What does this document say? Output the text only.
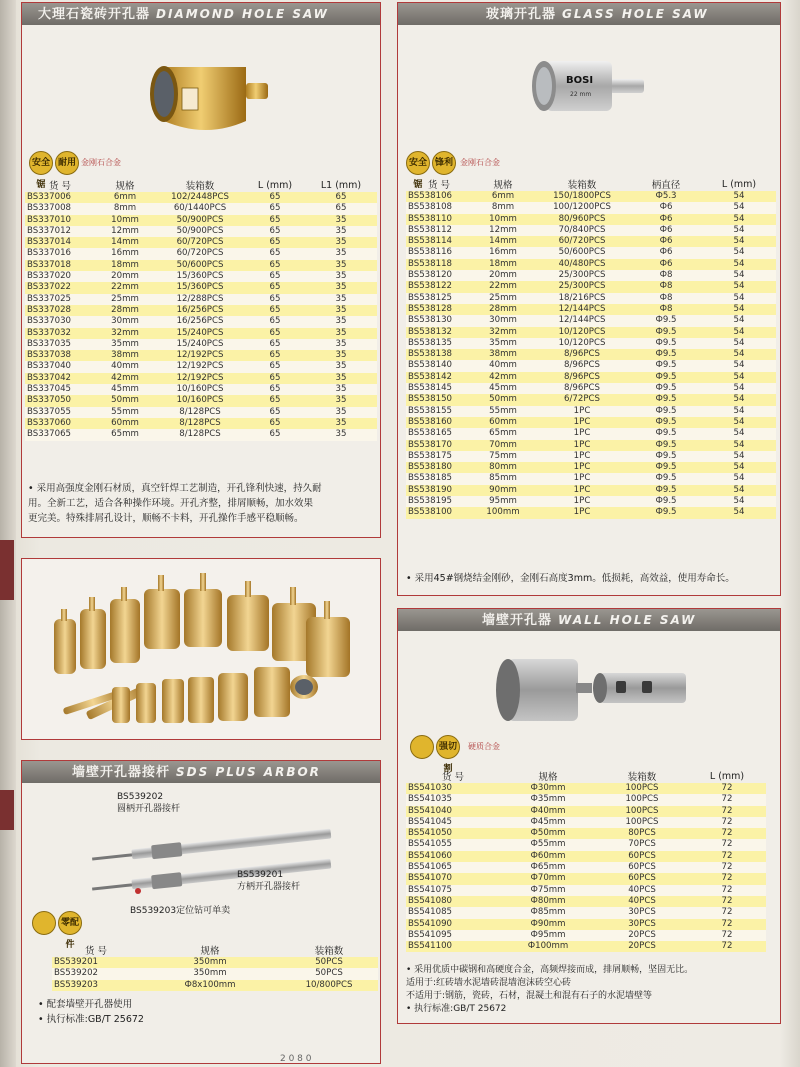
大理石瓷砖开孔器 DIAMOND HOLE SAW
安全锯
耐用 金刚石合金
货 号	规格	装箱数	L (mm)	L1 (mm)
BS337006	6mm	102/2448PCS	65	65
BS337008	8mm	60/1440PCS	65	65
BS337010	10mm	50/900PCS	65	35
BS337012	12mm	50/900PCS	65	35
BS337014	14mm	60/720PCS	65	35
BS337016	16mm	60/720PCS	65	35
BS337018	18mm	50/600PCS	65	35
BS337020	20mm	15/360PCS	65	35
BS337022	22mm	15/360PCS	65	35
BS337025	25mm	12/288PCS	65	35
BS337028	28mm	16/256PCS	65	35
BS337030	30mm	16/256PCS	65	35
BS337032	32mm	15/240PCS	65	35
BS337035	35mm	15/240PCS	65	35
BS337038	38mm	12/192PCS	65	35
BS337040	40mm	12/192PCS	65	35
BS337042	42mm	12/192PCS	65	35
BS337045	45mm	10/160PCS	65	35
BS337050	50mm	10/160PCS	65	35
BS337055	55mm	8/128PCS	65	35
BS337060	60mm	8/128PCS	65	35
BS337065	65mm	8/128PCS	65	35

• 采用高强度金刚石材质，真空钎焊工艺制造，开孔锋利快速，持久耐

用。全新工艺，适合各种操作环境。开孔齐整，排屑顺畅，加水效果

更完美。特殊排屑孔设计，顺畅不卡料，开孔操作手感平稳顺畅。

墙壁开孔器接杆 SDS PLUS ARBOR
BS539202
圆柄开孔器接杆
BS539201
方柄开孔器接杆
BS539203定位钻可单卖
零配件
货 号	规格	装箱数
BS539201	350mm	50PCS
BS539202	350mm	50PCS
BS539203	Ф8x100mm	10/800PCS

• 配套墙壁开孔器使用

• 执行标准:GB/T 25672

玻璃开孔器 GLASS HOLE SAW
BOSI
22 mm
安全锯
锋利 金刚石合金
货 号	规格	装箱数	柄直径	L (mm)
BS538106	6mm	150/1800PCS	Ф5.3	54
BS538108	8mm	100/1200PCS	Ф6	54
BS538110	10mm	80/960PCS	Ф6	54
BS538112	12mm	70/840PCS	Ф6	54
BS538114	14mm	60/720PCS	Ф6	54
BS538116	16mm	50/600PCS	Ф6	54
BS538118	18mm	40/480PCS	Ф6	54
BS538120	20mm	25/300PCS	Ф8	54
BS538122	22mm	25/300PCS	Ф8	54
BS538125	25mm	18/216PCS	Ф8	54
BS538128	28mm	12/144PCS	Ф8	54
BS538130	30mm	12/144PCS	Ф9.5	54
BS538132	32mm	10/120PCS	Ф9.5	54
BS538135	35mm	10/120PCS	Ф9.5	54
BS538138	38mm	8/96PCS	Ф9.5	54
BS538140	40mm	8/96PCS	Ф9.5	54
BS538142	42mm	8/96PCS	Ф9.5	54
BS538145	45mm	8/96PCS	Ф9.5	54
BS538150	50mm	6/72PCS	Ф9.5	54
BS538155	55mm	1PC	Ф9.5	54
BS538160	60mm	1PC	Ф9.5	54
BS538165	65mm	1PC	Ф9.5	54
BS538170	70mm	1PC	Ф9.5	54
BS538175	75mm	1PC	Ф9.5	54
BS538180	80mm	1PC	Ф9.5	54
BS538185	85mm	1PC	Ф9.5	54
BS538190	90mm	1PC	Ф9.5	54
BS538195	95mm	1PC	Ф9.5	54
BS538100	100mm	1PC	Ф9.5	54

• 采用45#钢烧结金刚砂，金刚石高度3mm。低损耗，高效益，使用寿命长。

墙壁开孔器 WALL HOLE SAW
强切割
硬质合金
货 号	规格	装箱数	L (mm)
BS541030	Ф30mm	100PCS	72
BS541035	Ф35mm	100PCS	72
BS541040	Ф40mm	100PCS	72
BS541045	Ф45mm	100PCS	72
BS541050	Ф50mm	80PCS	72
BS541055	Ф55mm	70PCS	72
BS541060	Ф60mm	60PCS	72
BS541065	Ф65mm	60PCS	72
BS541070	Ф70mm	60PCS	72
BS541075	Ф75mm	40PCS	72
BS541080	Ф80mm	40PCS	72
BS541085	Ф85mm	30PCS	72
BS541090	Ф90mm	30PCS	72
BS541095	Ф95mm	20PCS	72
BS541100	Ф100mm	20PCS	72

• 采用优质中碳钢和高硬度合金，高频焊接而成，排屑顺畅，坚固无比。

适用于:红砖墙水泥墙砖混墙泡沫砖空心砖

不适用于:钢筋，瓷砖，石材，混凝土和混有石子的水泥墙壁等

• 执行标准:GB/T 25672

2 0 8 0
